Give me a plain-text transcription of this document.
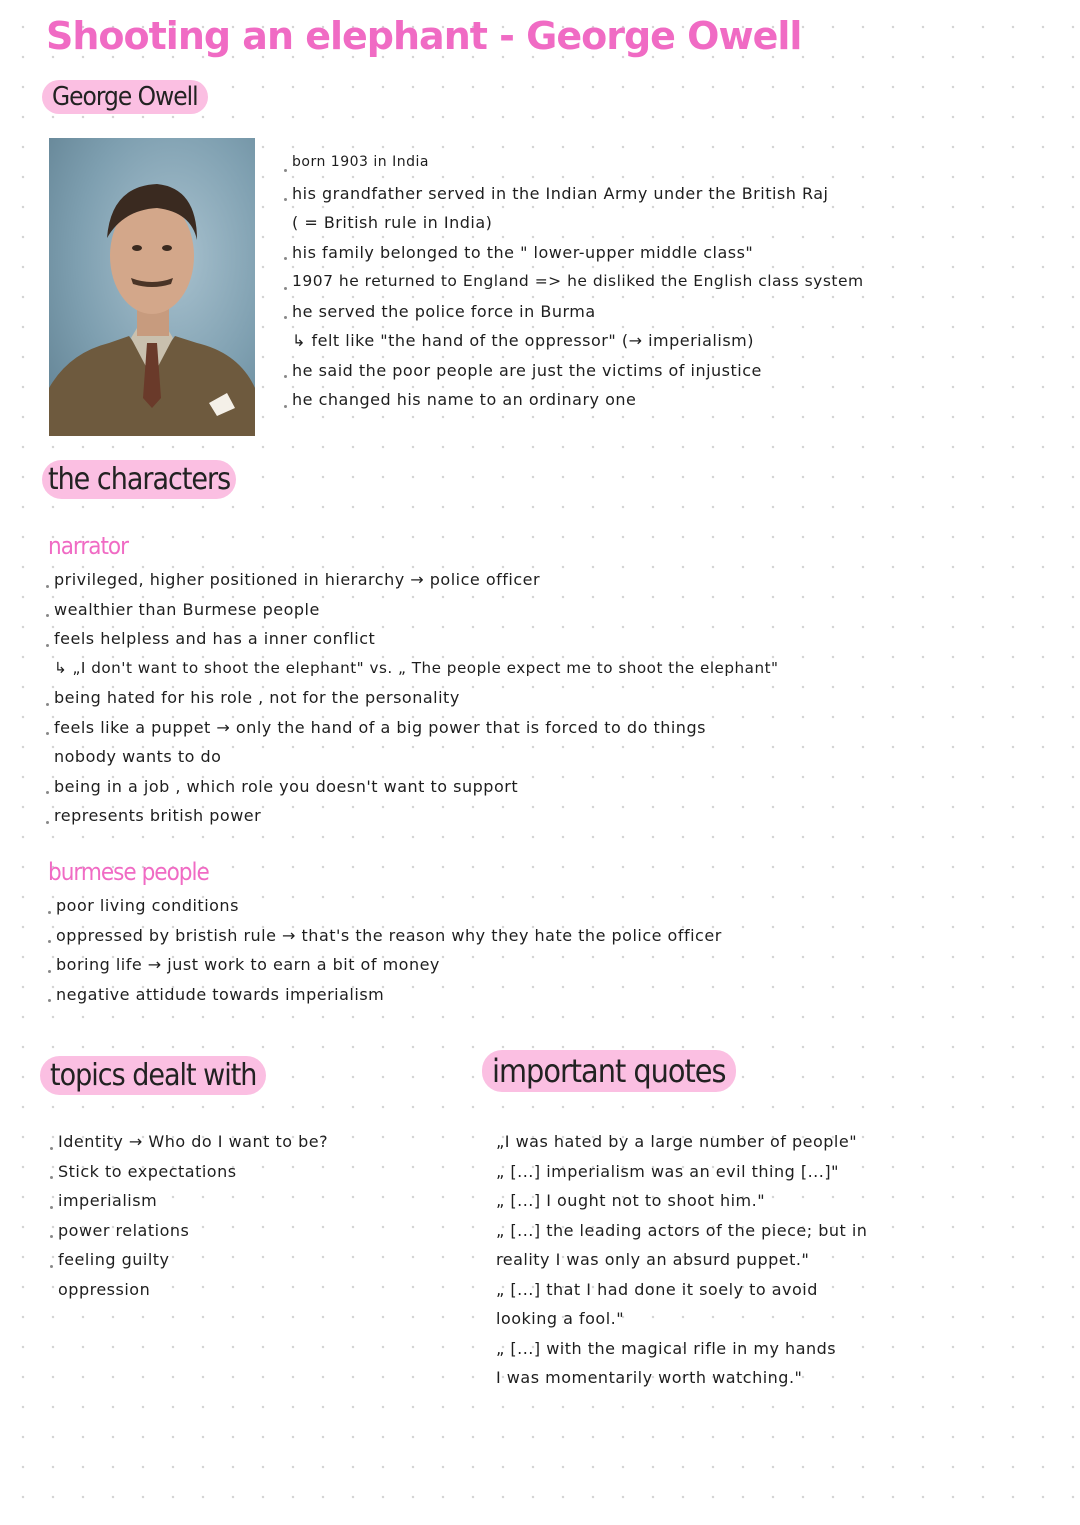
Shooting an elephant - George Owell
George Owell
born 1903 in India
his grandfather served in the Indian Army under the British Raj
( = British rule in India)
his family belonged to the " lower-upper middle class"
1907 he returned to England => he disliked the English class system
he served the police force in Burma
↳ felt like "the hand of the oppressor" (→ imperialism)
he said the poor people are just the victims of injustice
he changed his name to an ordinary one
the characters
narrator
privileged, higher positioned in hierarchy → police officer
wealthier than Burmese people
feels helpless and has a inner conflict
↳ „I don't want to shoot the elephant" vs. „ The people expect me to shoot the elephant"
being hated for his role , not for the personality
feels like a puppet → only the hand of a big power that is forced to do things
nobody wants to do
being in a job , which role you doesn't want to support
represents british power
burmese people
poor living conditions
oppressed by bristish rule → that's the reason why they hate the police officer
boring life → just work to earn a bit of money
negative attidude towards imperialism
topics dealt with
Identity → Who do I want to be?
Stick to expectations
imperialism
power relations
feeling guilty
oppression
important quotes
„I was hated by a large number of people"
„ [...] imperialism was an evil thing [...]"
„ [...] I ought not to shoot him."
„ [...] the leading actors of the piece; but in
reality I was only an absurd puppet."
„ [...] that I had done it soely to avoid
looking a fool."
„ [...] with the magical rifle in my hands
I was momentarily worth watching."
